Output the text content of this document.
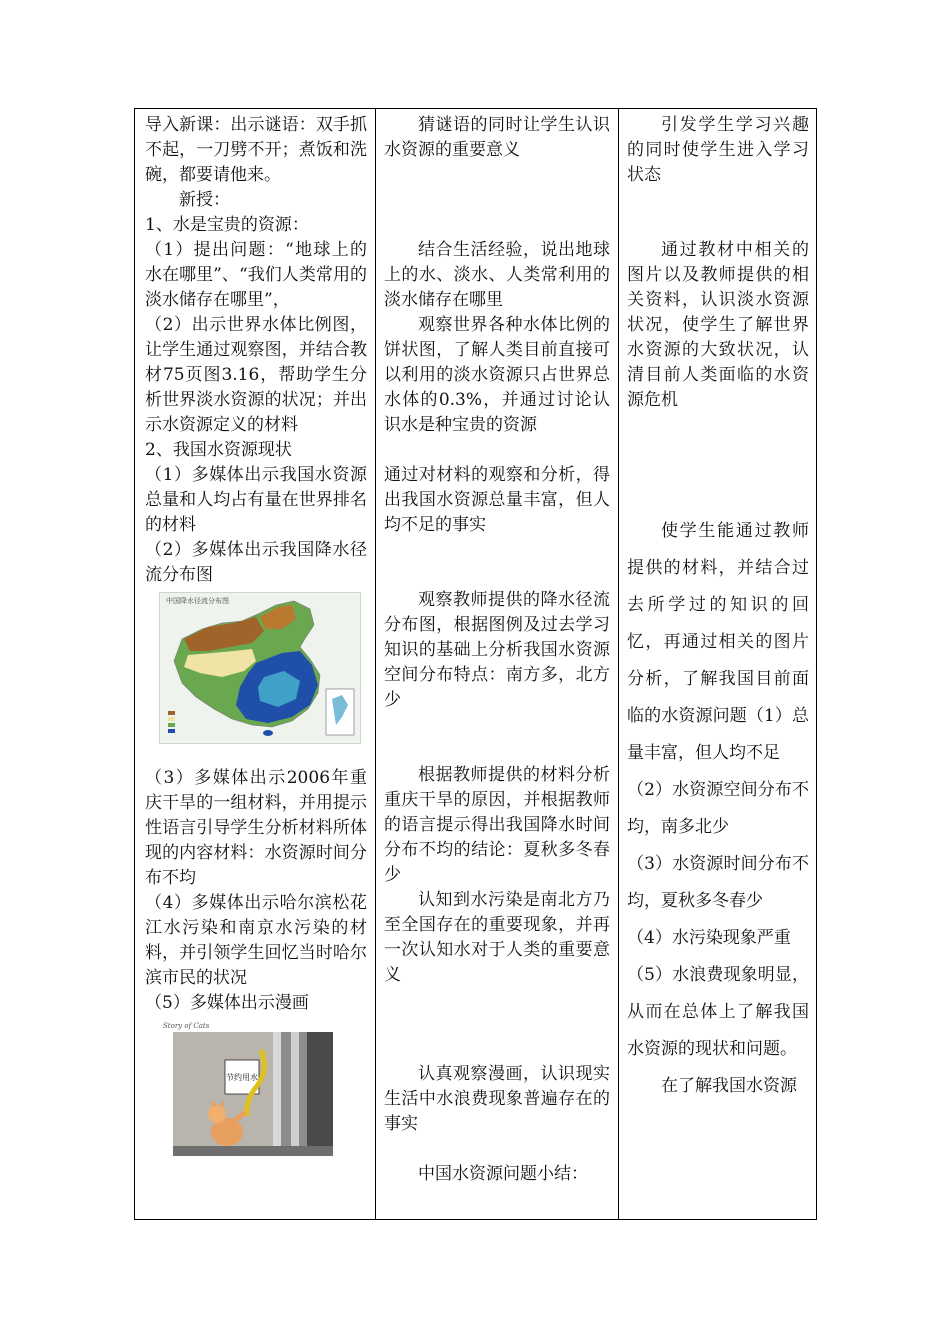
导入新课：出示谜语：双手抓不起，一刀劈不开；煮饭和洗碗，都要请他来。

新授：

1、水是宝贵的资源：

（1）提出问题：“地球上的水在哪里”、“我们人类常用的淡水储存在哪里”，

（2）出示世界水体比例图，让学生通过观察图，并结合教材75页图3.16，帮助学生分析世界淡水资源的状况；并出示水资源定义的材料

2、我国水资源现状

（1）多媒体出示我国水资源总量和人均占有量在世界排名的材料

（2）多媒体出示我国降水径流分布图

中国降水径流分布图

（3）多媒体出示2006年重庆干旱的一组材料，并用提示性语言引导学生分析材料所体现的内容材料：水资源时间分布不均

（4）多媒体出示哈尔滨松花江水污染和南京水污染的材料，并引领学生回忆当时哈尔滨市民的状况

（5）多媒体出示漫画

Story of Cats
节约用水

猜谜语的同时让学生认识水资源的重要意义

结合生活经验，说出地球上的水、淡水、人类常利用的淡水储存在哪里

观察世界各种水体比例的饼状图，了解人类目前直接可以利用的淡水资源只占世界总水体的0.3%，并通过讨论认识水是种宝贵的资源

通过对材料的观察和分析，得出我国水资源总量丰富，但人均不足的事实

观察教师提供的降水径流分布图，根据图例及过去学习知识的基础上分析我国水资源空间分布特点：南方多，北方少

根据教师提供的材料分析重庆干旱的原因，并根据教师的语言提示得出我国降水时间分布不均的结论：夏秋多冬春少

认知到水污染是南北方乃至全国存在的重要现象，并再一次认知水对于人类的重要意义

认真观察漫画，认识现实生活中水浪费现象普遍存在的事实

中国水资源问题小结：

引发学生学习兴趣的同时使学生进入学习状态

通过教材中相关的图片以及教师提供的相关资料，认识淡水资源状况，使学生了解世界水资源的大致状况，认清目前人类面临的水资源危机

使学生能通过教师提供的材料，并结合过去所学过的知识的回忆，再通过相关的图片分析，了解我国目前面临的水资源问题（1）总量丰富，但人均不足

（2）水资源空间分布不均，南多北少

（3）水资源时间分布不均，夏秋多冬春少

（4）水污染现象严重

（5）水浪费现象明显，从而在总体上了解我国水资源的现状和问题。

在了解我国水资源
